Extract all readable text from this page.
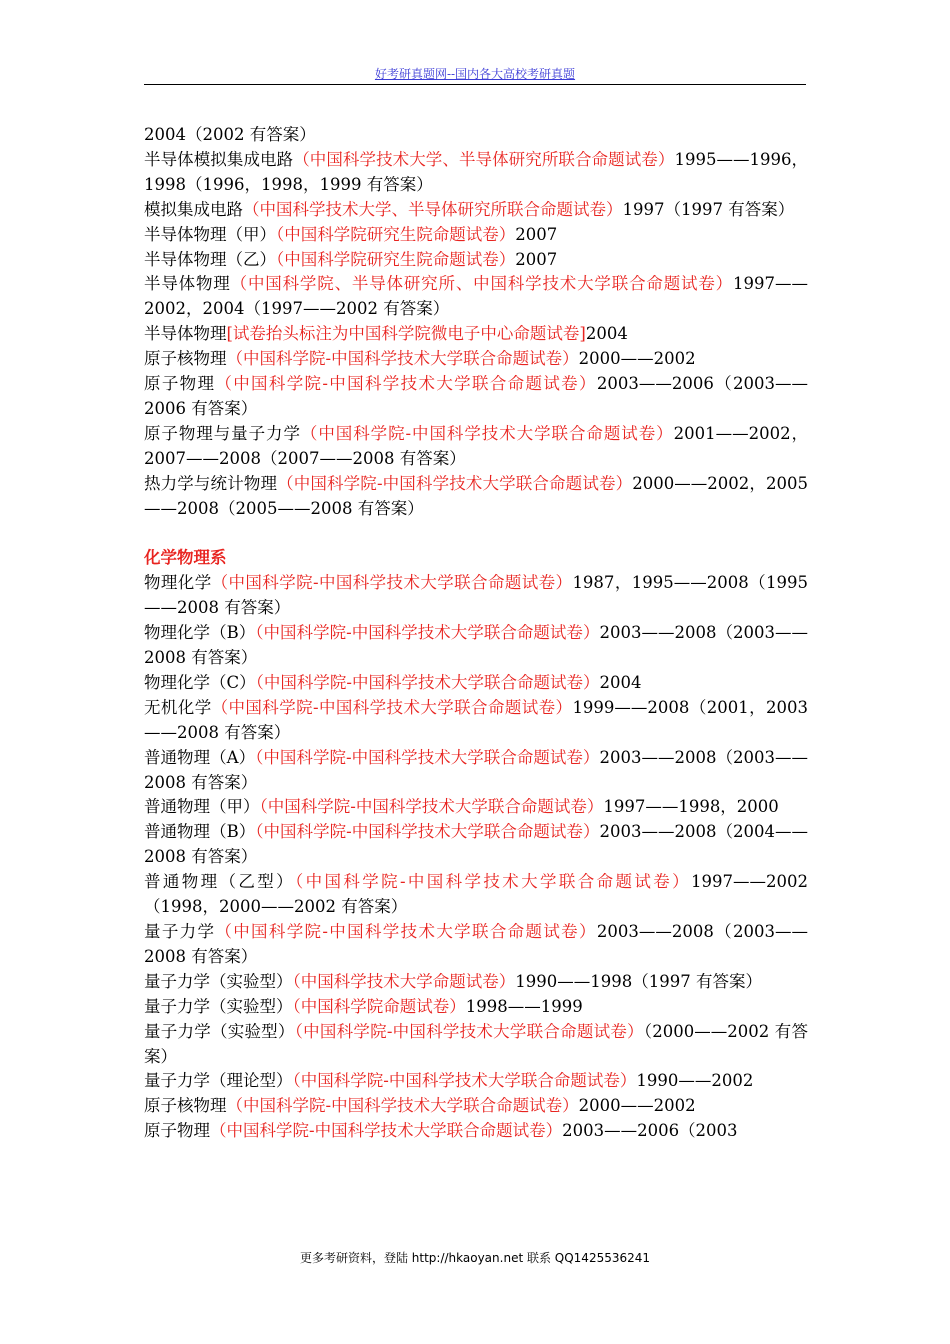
好考研真题网--国内各大高校考研真题
2004（2002 有答案）
半导体模拟集成电路（中国科学技术大学、半导体研究所联合命题试卷）1995——1996，1998（1996，1998，1999 有答案）
模拟集成电路（中国科学技术大学、半导体研究所联合命题试卷）1997（1997 有答案）
半导体物理（甲）（中国科学院研究生院命题试卷）2007
半导体物理（乙）（中国科学院研究生院命题试卷）2007
半导体物理（中国科学院、半导体研究所、中国科学技术大学联合命题试卷）1997——2002，2004（1997——2002 有答案）
半导体物理[试卷抬头标注为中国科学院微电子中心命题试卷]2004
原子核物理（中国科学院-中国科学技术大学联合命题试卷）2000——2002
原子物理（中国科学院-中国科学技术大学联合命题试卷）2003——2006（2003——2006 有答案）
原子物理与量子力学（中国科学院-中国科学技术大学联合命题试卷）2001——2002，2007——2008（2007——2008 有答案）
热力学与统计物理（中国科学院-中国科学技术大学联合命题试卷）2000——2002，2005——2008（2005——2008 有答案）
化学物理系
物理化学（中国科学院-中国科学技术大学联合命题试卷）1987，1995——2008（1995——2008 有答案）
物理化学（B）（中国科学院-中国科学技术大学联合命题试卷）2003——2008（2003——2008 有答案）
物理化学（C）（中国科学院-中国科学技术大学联合命题试卷）2004
无机化学（中国科学院-中国科学技术大学联合命题试卷）1999——2008（2001，2003——2008 有答案）
普通物理（A）（中国科学院-中国科学技术大学联合命题试卷）2003——2008（2003——2008 有答案）
普通物理（甲）（中国科学院-中国科学技术大学联合命题试卷）1997——1998，2000
普通物理（B）（中国科学院-中国科学技术大学联合命题试卷）2003——2008（2004——2008 有答案）
普通物理（乙型）（中国科学院-中国科学技术大学联合命题试卷）1997——2002（1998，2000——2002 有答案）
量子力学（中国科学院-中国科学技术大学联合命题试卷）2003——2008（2003——2008 有答案）
量子力学（实验型）（中国科学技术大学命题试卷）1990——1998（1997 有答案）
量子力学（实验型）（中国科学院命题试卷）1998——1999
量子力学（实验型）（中国科学院-中国科学技术大学联合命题试卷）（2000——2002 有答案）
量子力学（理论型）（中国科学院-中国科学技术大学联合命题试卷）1990——2002
原子核物理（中国科学院-中国科学技术大学联合命题试卷）2000——2002
原子物理（中国科学院-中国科学技术大学联合命题试卷）2003——2006（2003
更多考研资料，登陆 http://hkaoyan.net 联系 QQ1425536241
